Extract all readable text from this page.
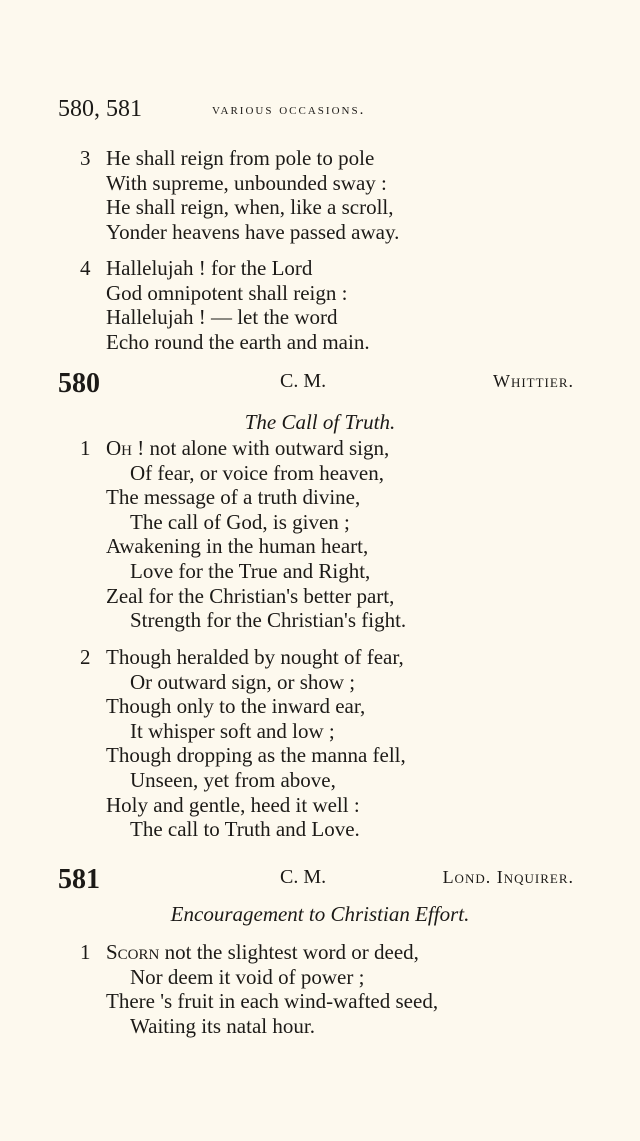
580, 581	various occasions.
3 He shall reign from pole to pole
With supreme, unbounded sway :
He shall reign, when, like a scroll,
Yonder heavens have passed away.
4 Hallelujah ! for the Lord
God omnipotent shall reign :
Hallelujah ! — let the word
Echo round the earth and main.
580	C. M.	Whittier.
The Call of Truth.
1 Oh ! not alone with outward sign,
Of fear, or voice from heaven,
The message of a truth divine,
The call of God, is given ;
Awakening in the human heart,
Love for the True and Right,
Zeal for the Christian's better part,
Strength for the Christian's fight.
2 Though heralded by nought of fear,
Or outward sign, or show ;
Though only to the inward ear,
It whisper soft and low ;
Though dropping as the manna fell,
Unseen, yet from above,
Holy and gentle, heed it well :
The call to Truth and Love.
581	C. M.	Lond. Inquirer.
Encouragement to Christian Effort.
1 Scorn not the slightest word or deed,
Nor deem it void of power ;
There 's fruit in each wind-wafted seed,
Waiting its natal hour.
